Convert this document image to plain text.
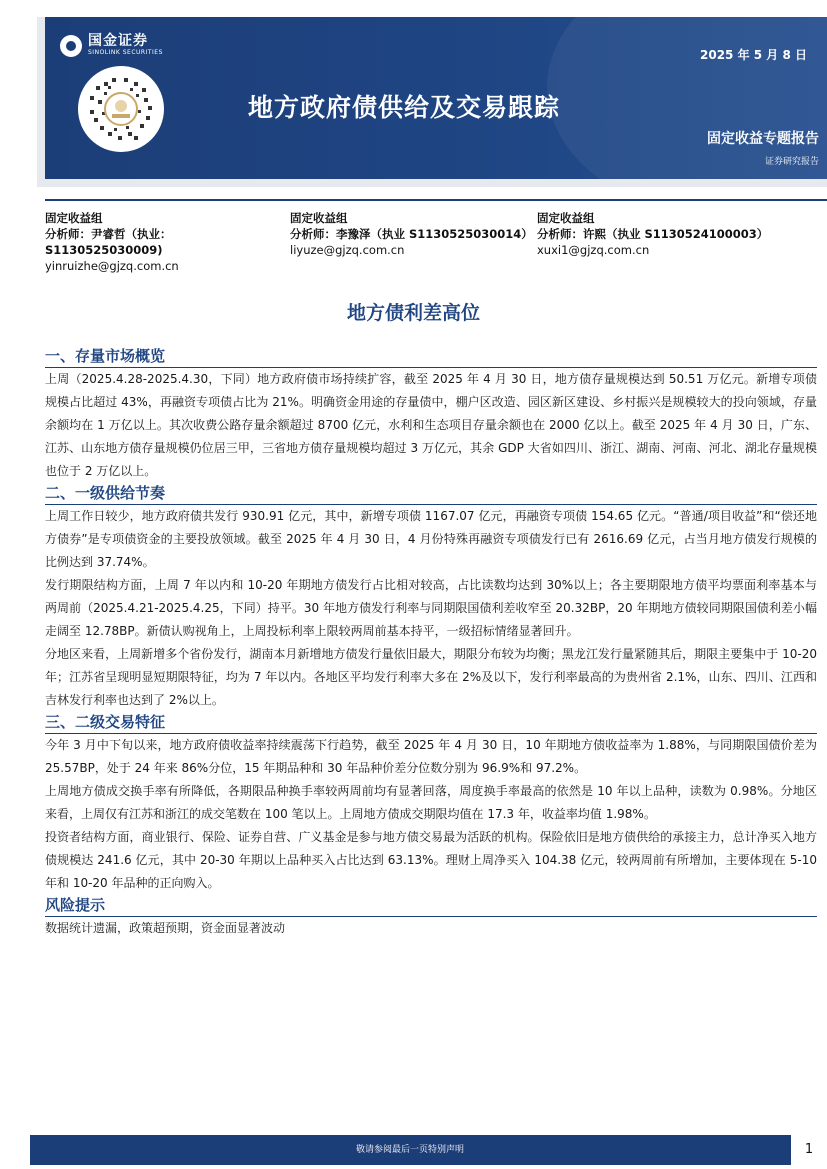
国金证券
SINOLINK SECURITIES	2025 年 5 月 8 日
地方政府债供给及交易跟踪
固定收益专题报告
证券研究报告
固定收益组
分析师：尹睿哲（执业：
S1130525030009)
yinruizhe@gjzq.com.cn
固定收益组
分析师：李豫泽（执业 S1130525030014）
liyuze@gjzq.com.cn
固定收益组
分析师：许熙（执业 S1130524100003）
xuxi1@gjzq.com.cn
地方债利差高位
一、存量市场概览

上周（2025.4.28-2025.4.30，下同）地方政府债市场持续扩容，截至 2025 年 4 月 30 日，地方债存量规模达到 50.51 万亿元。新增专项债规模占比超过 43%，再融资专项债占比为 21%。明确资金用途的存量债中，棚户区改造、园区新区建设、乡村振兴是规模较大的投向领域，存量余额均在 1 万亿以上。其次收费公路存量余额超过 8700 亿元，水利和生态项目存量余额也在 2000 亿以上。截至 2025 年 4 月 30 日，广东、江苏、山东地方债存量规模仍位居三甲，三省地方债存量规模均超过 3 万亿元，其余 GDP 大省如四川、浙江、湖南、河南、河北、湖北存量规模也位于 2 万亿以上。

二、一级供给节奏

上周工作日较少，地方政府债共发行 930.91 亿元，其中，新增专项债 1167.07 亿元，再融资专项债 154.65 亿元。“普通/项目收益”和“偿还地方债券”是专项债资金的主要投放领域。截至 2025 年 4 月 30 日，4 月份特殊再融资专项债发行已有 2616.69 亿元，占当月地方债发行规模的比例达到 37.74%。

发行期限结构方面，上周 7 年以内和 10-20 年期地方债发行占比相对较高，占比读数均达到 30%以上；各主要期限地方债平均票面利率基本与两周前（2025.4.21-2025.4.25，下同）持平。30 年地方债发行利率与同期限国债利差收窄至 20.32BP，20 年期地方债较同期限国债利差小幅走阔至 12.78BP。新债认购视角上，上周投标利率上限较两周前基本持平，一级招标情绪显著回升。

分地区来看，上周新增多个省份发行，湖南本月新增地方债发行量依旧最大，期限分布较为均衡；黑龙江发行量紧随其后，期限主要集中于 10-20 年；江苏省呈现明显短期限特征，均为 7 年以内。各地区平均发行利率大多在 2%及以下，发行利率最高的为贵州省 2.1%，山东、四川、江西和吉林发行利率也达到了 2%以上。

三、二级交易特征

今年 3 月中下旬以来，地方政府债收益率持续震荡下行趋势，截至 2025 年 4 月 30 日，10 年期地方债收益率为 1.88%，与同期限国债价差为 25.57BP，处于 24 年来 86%分位，15 年期品种和 30 年品种价差分位数分别为 96.9%和 97.2%。

上周地方债成交换手率有所降低，各期限品种换手率较两周前均有显著回落，周度换手率最高的依然是 10 年以上品种，读数为 0.98%。分地区来看，上周仅有江苏和浙江的成交笔数在 100 笔以上。上周地方债成交期限均值在 17.3 年，收益率均值 1.98%。

投资者结构方面，商业银行、保险、证券自营、广义基金是参与地方债交易最为活跃的机构。保险依旧是地方债供给的承接主力，总计净买入地方债规模达 241.6 亿元，其中 20-30 年期以上品种买入占比达到 63.13%。理财上周净买入 104.38 亿元，较两周前有所增加，主要体现在 5-10 年和 10-20 年品种的正向购入。

风险提示

数据统计遗漏，政策超预期，资金面显著波动

敬请参阅最后一页特别声明	1
